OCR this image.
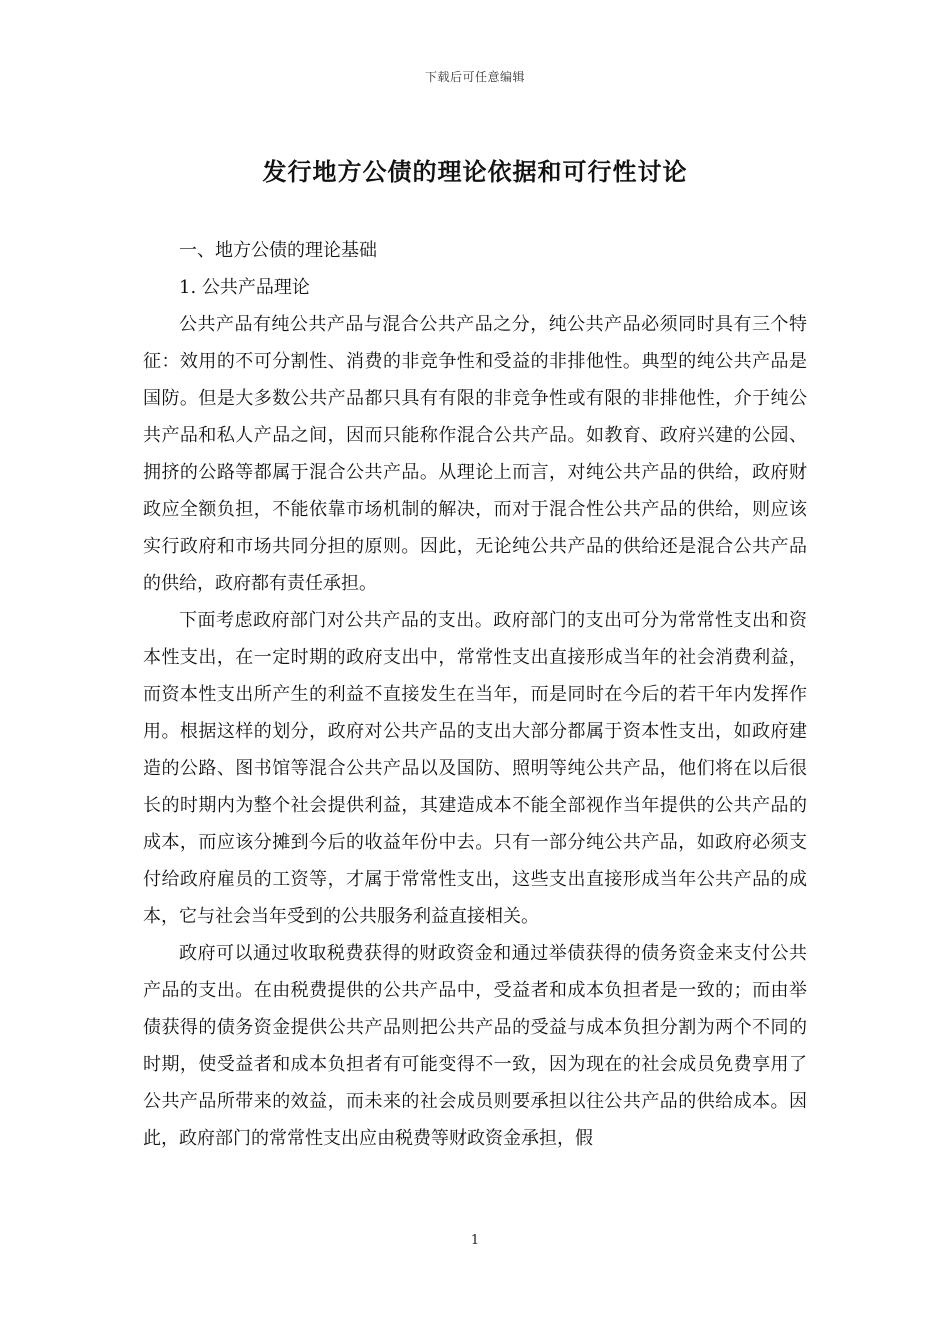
下载后可任意编辑
发行地方公债的理论依据和可行性讨论

一、地方公债的理论基础

1. 公共产品理论

公共产品有纯公共产品与混合公共产品之分，纯公共产品必须同时具有三个特征：效用的不可分割性、消费的非竞争性和受益的非排他性。典型的纯公共产品是国防。但是大多数公共产品都只具有有限的非竞争性或有限的非排他性，介于纯公共产品和私人产品之间，因而只能称作混合公共产品。如教育、政府兴建的公园、拥挤的公路等都属于混合公共产品。从理论上而言，对纯公共产品的供给，政府财政应全额负担，不能依靠市场机制的解决，而对于混合性公共产品的供给，则应该实行政府和市场共同分担的原则。因此，无论纯公共产品的供给还是混合公共产品的供给，政府都有责任承担。

下面考虑政府部门对公共产品的支出。政府部门的支出可分为常常性支出和资本性支出，在一定时期的政府支出中，常常性支出直接形成当年的社会消费利益，而资本性支出所产生的利益不直接发生在当年，而是同时在今后的若干年内发挥作用。根据这样的划分，政府对公共产品的支出大部分都属于资本性支出，如政府建造的公路、图书馆等混合公共产品以及国防、照明等纯公共产品，他们将在以后很长的时期内为整个社会提供利益，其建造成本不能全部视作当年提供的公共产品的成本，而应该分摊到今后的收益年份中去。只有一部分纯公共产品，如政府必须支付给政府雇员的工资等，才属于常常性支出，这些支出直接形成当年公共产品的成本，它与社会当年受到的公共服务利益直接相关。

政府可以通过收取税费获得的财政资金和通过举债获得的债务资金来支付公共产品的支出。在由税费提供的公共产品中，受益者和成本负担者是一致的；而由举债获得的债务资金提供公共产品则把公共产品的受益与成本负担分割为两个不同的时期，使受益者和成本负担者有可能变得不一致，因为现在的社会成员免费享用了公共产品所带来的效益，而未来的社会成员则要承担以往公共产品的供给成本。因此，政府部门的常常性支出应由税费等财政资金承担，假

1
